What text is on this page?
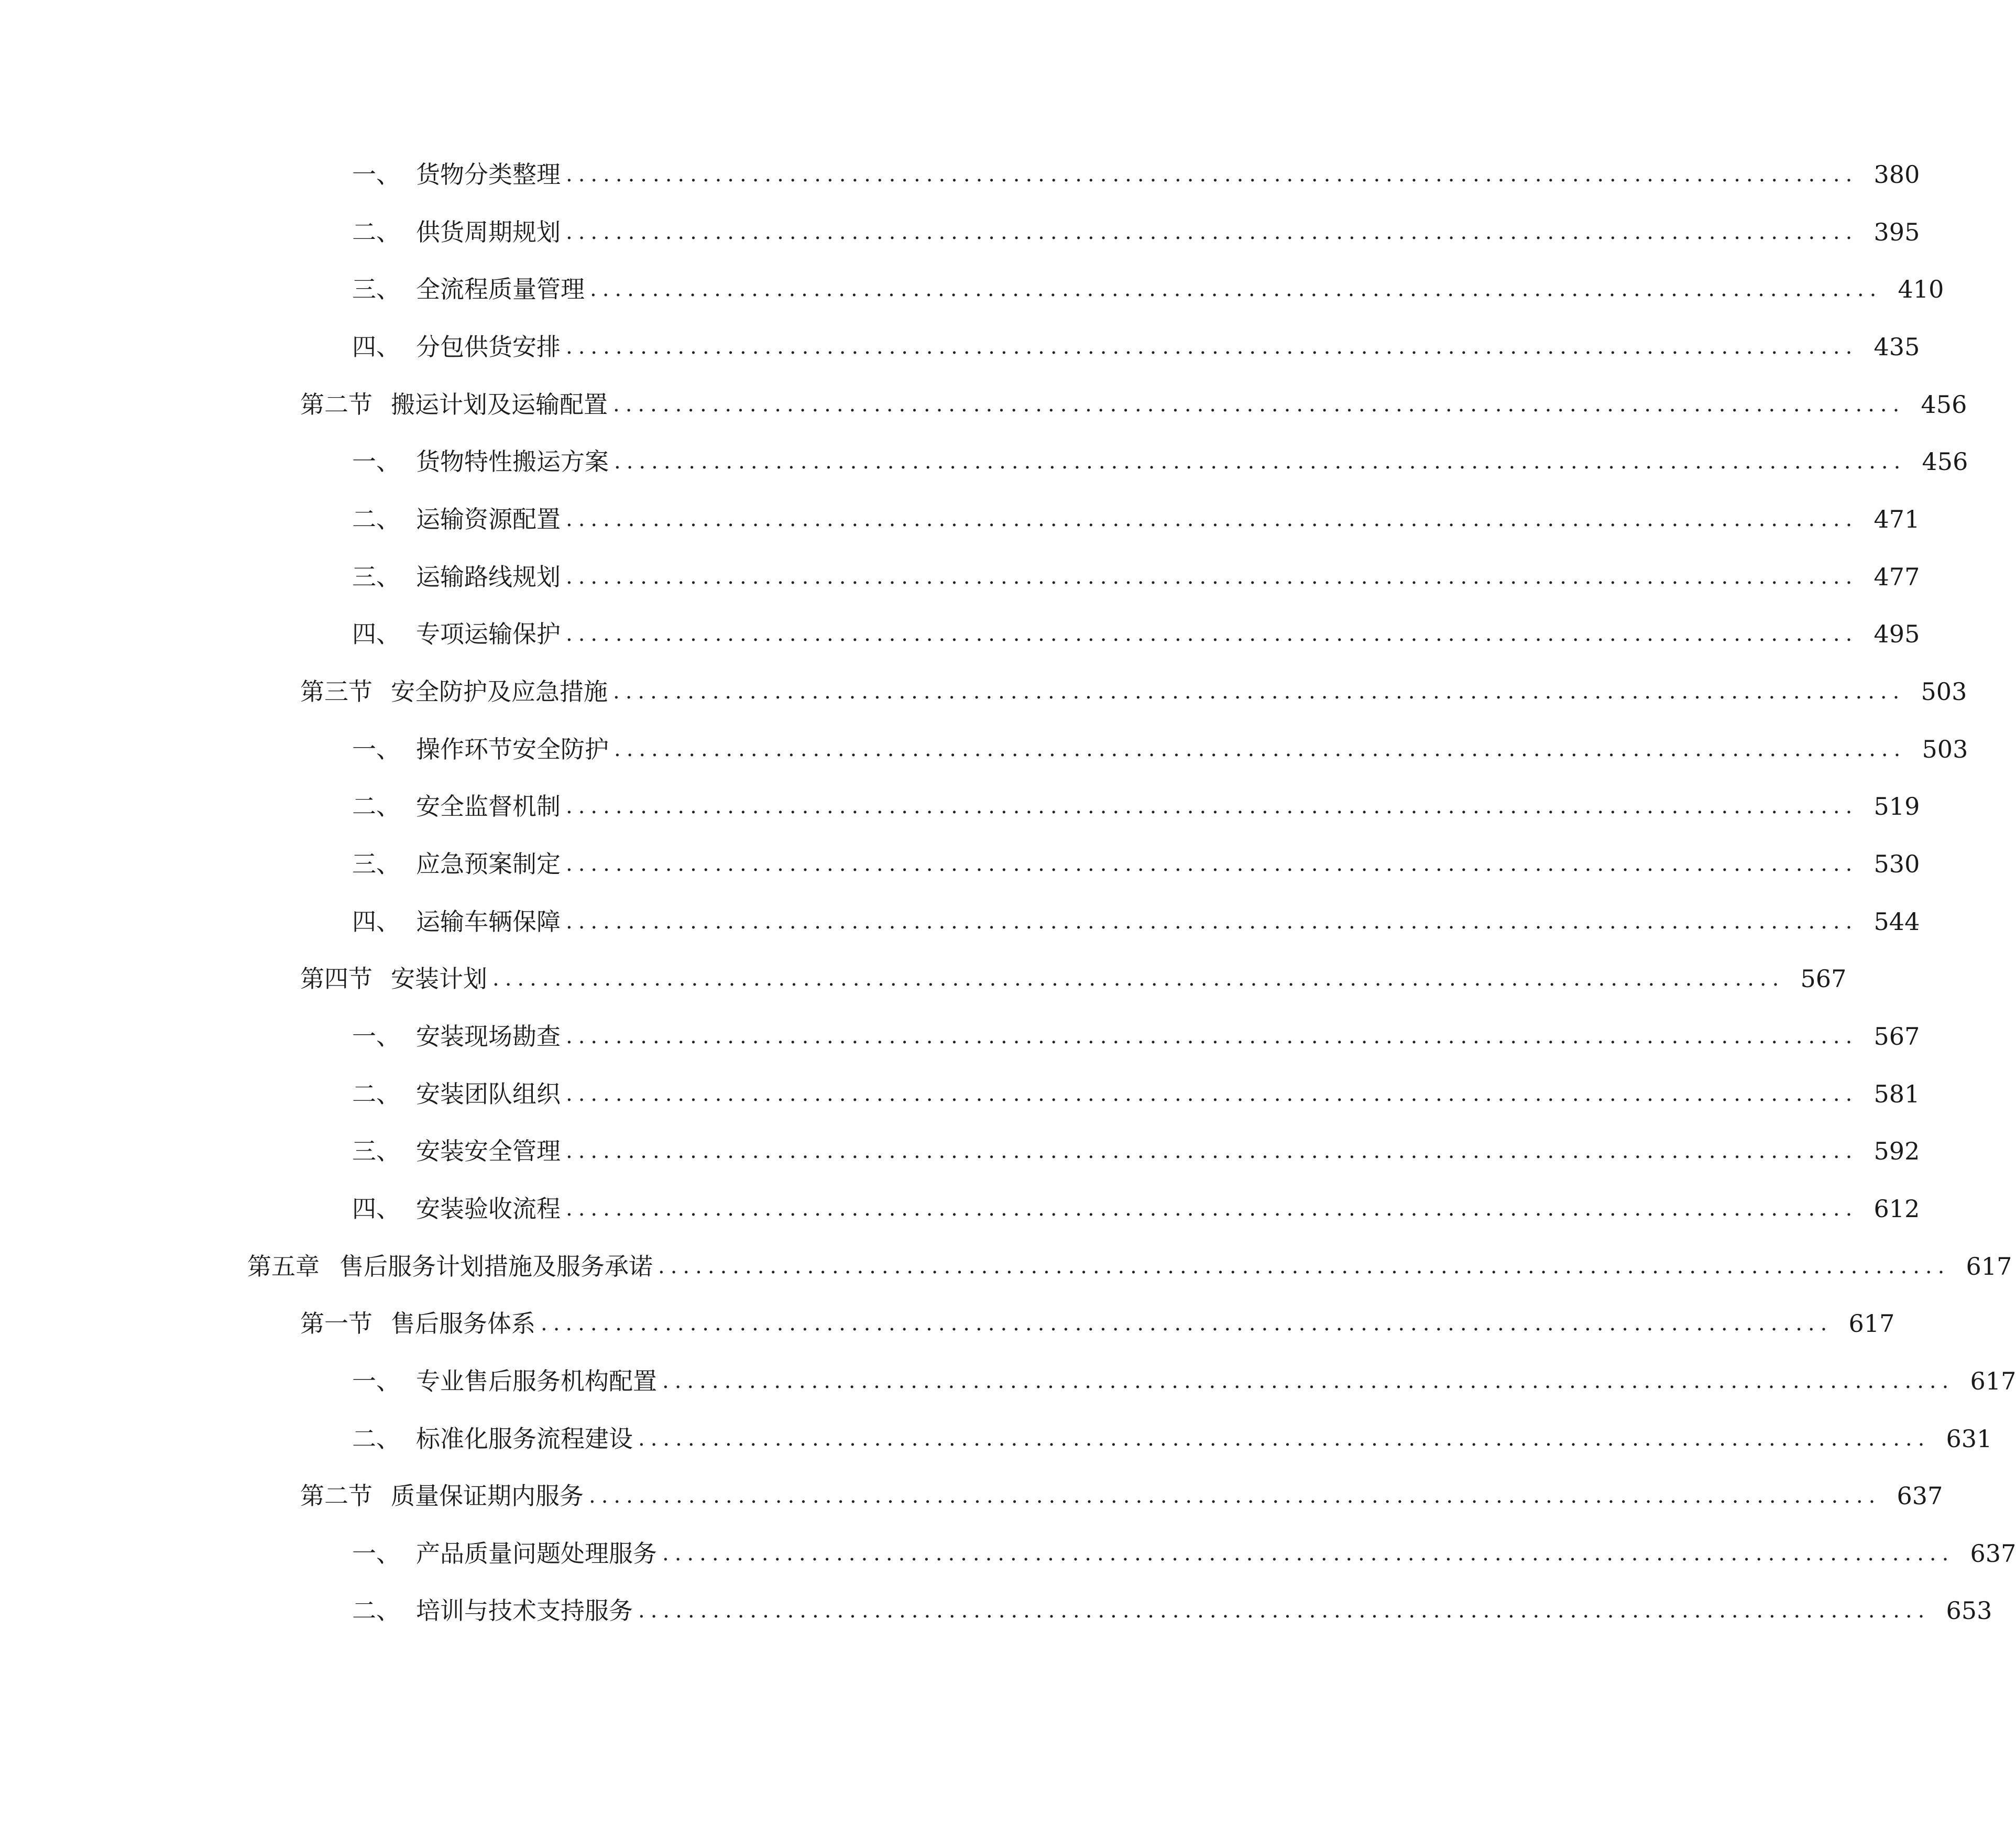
一、 货物分类整理 ........................................................................................................ 380
二、 供货周期规划 ........................................................................................................ 395
三、 全流程质量管理 ........................................................................................................ 410
四、 分包供货安排 ........................................................................................................ 435
第二节 搬运计划及运输配置 ........................................................................................................ 456
一、 货物特性搬运方案 ........................................................................................................ 456
二、 运输资源配置 ........................................................................................................ 471
三、 运输路线规划 ........................................................................................................ 477
四、 专项运输保护 ........................................................................................................ 495
第三节 安全防护及应急措施 ........................................................................................................ 503
一、 操作环节安全防护 ........................................................................................................ 503
二、 安全监督机制 ........................................................................................................ 519
三、 应急预案制定 ........................................................................................................ 530
四、 运输车辆保障 ........................................................................................................ 544
第四节 安装计划 ........................................................................................................ 567
一、 安装现场勘查 ........................................................................................................ 567
二、 安装团队组织 ........................................................................................................ 581
三、 安装安全管理 ........................................................................................................ 592
四、 安装验收流程 ........................................................................................................ 612
第五章 售后服务计划措施及服务承诺 ........................................................................................................ 617
第一节 售后服务体系 ........................................................................................................ 617
一、 专业售后服务机构配置 ........................................................................................................ 617
二、 标准化服务流程建设 ........................................................................................................ 631
第二节 质量保证期内服务 ........................................................................................................ 637
一、 产品质量问题处理服务 ........................................................................................................ 637
二、 培训与技术支持服务 ........................................................................................................ 653
